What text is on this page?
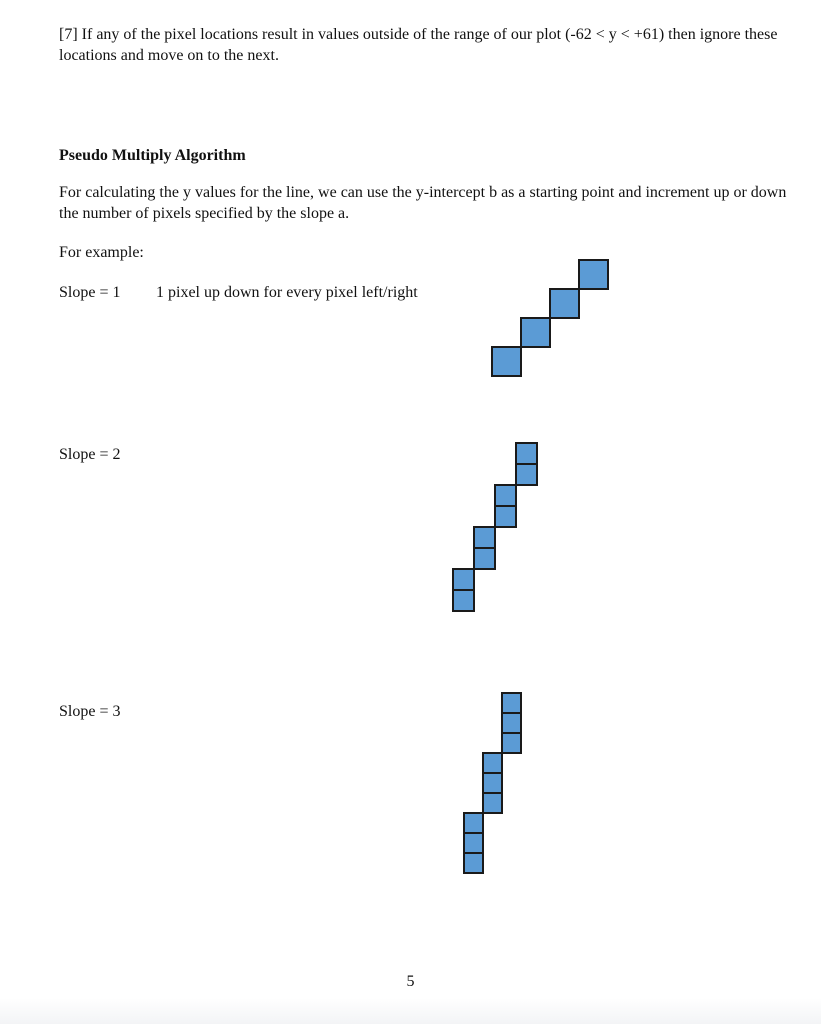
[7] If any of the pixel locations result in values outside of the range of our plot (-62 < y < +61) then ignore these locations and move on to the next.

Pseudo Multiply Algorithm

For calculating the y values for the line, we can use the y-intercept b as a starting point and increment up or down the number of pixels specified by the slope a.

For example:

Slope = 1 1 pixel up down for every pixel left/right

Slope = 2

Slope = 3

5
